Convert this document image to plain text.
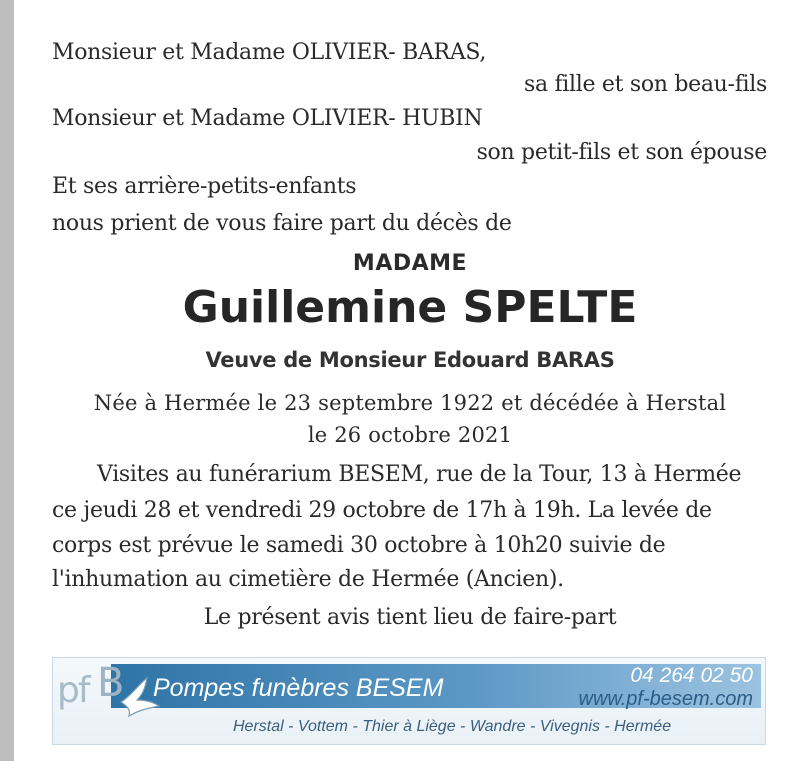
Monsieur et Madame OLIVIER- BARAS,
sa fille et son beau-fils
Monsieur et Madame OLIVIER- HUBIN
son petit-fils et son épouse
Et ses arrière-petits-enfants
nous prient de vous faire part du décès de
MADAME
Guillemine SPELTE
Veuve de Monsieur Edouard BARAS
Née à Hermée le 23 septembre 1922 et décédée à Herstal
le 26 octobre 2021
Visites au funérarium BESEM, rue de la Tour, 13 à Hermée
ce jeudi 28 et vendredi 29 octobre de 17h à 19h. La levée de
corps est prévue le samedi 30 octobre à 10h20 suivie de
l'inhumation au cimetière de Hermée (Ancien).
Le présent avis tient lieu de faire-part
pf B Pompes funèbres BESEM	04 264 02 50
www.pf-besem.com
Herstal - Vottem - Thier à Liège - Wandre - Vivegnis - Hermée
